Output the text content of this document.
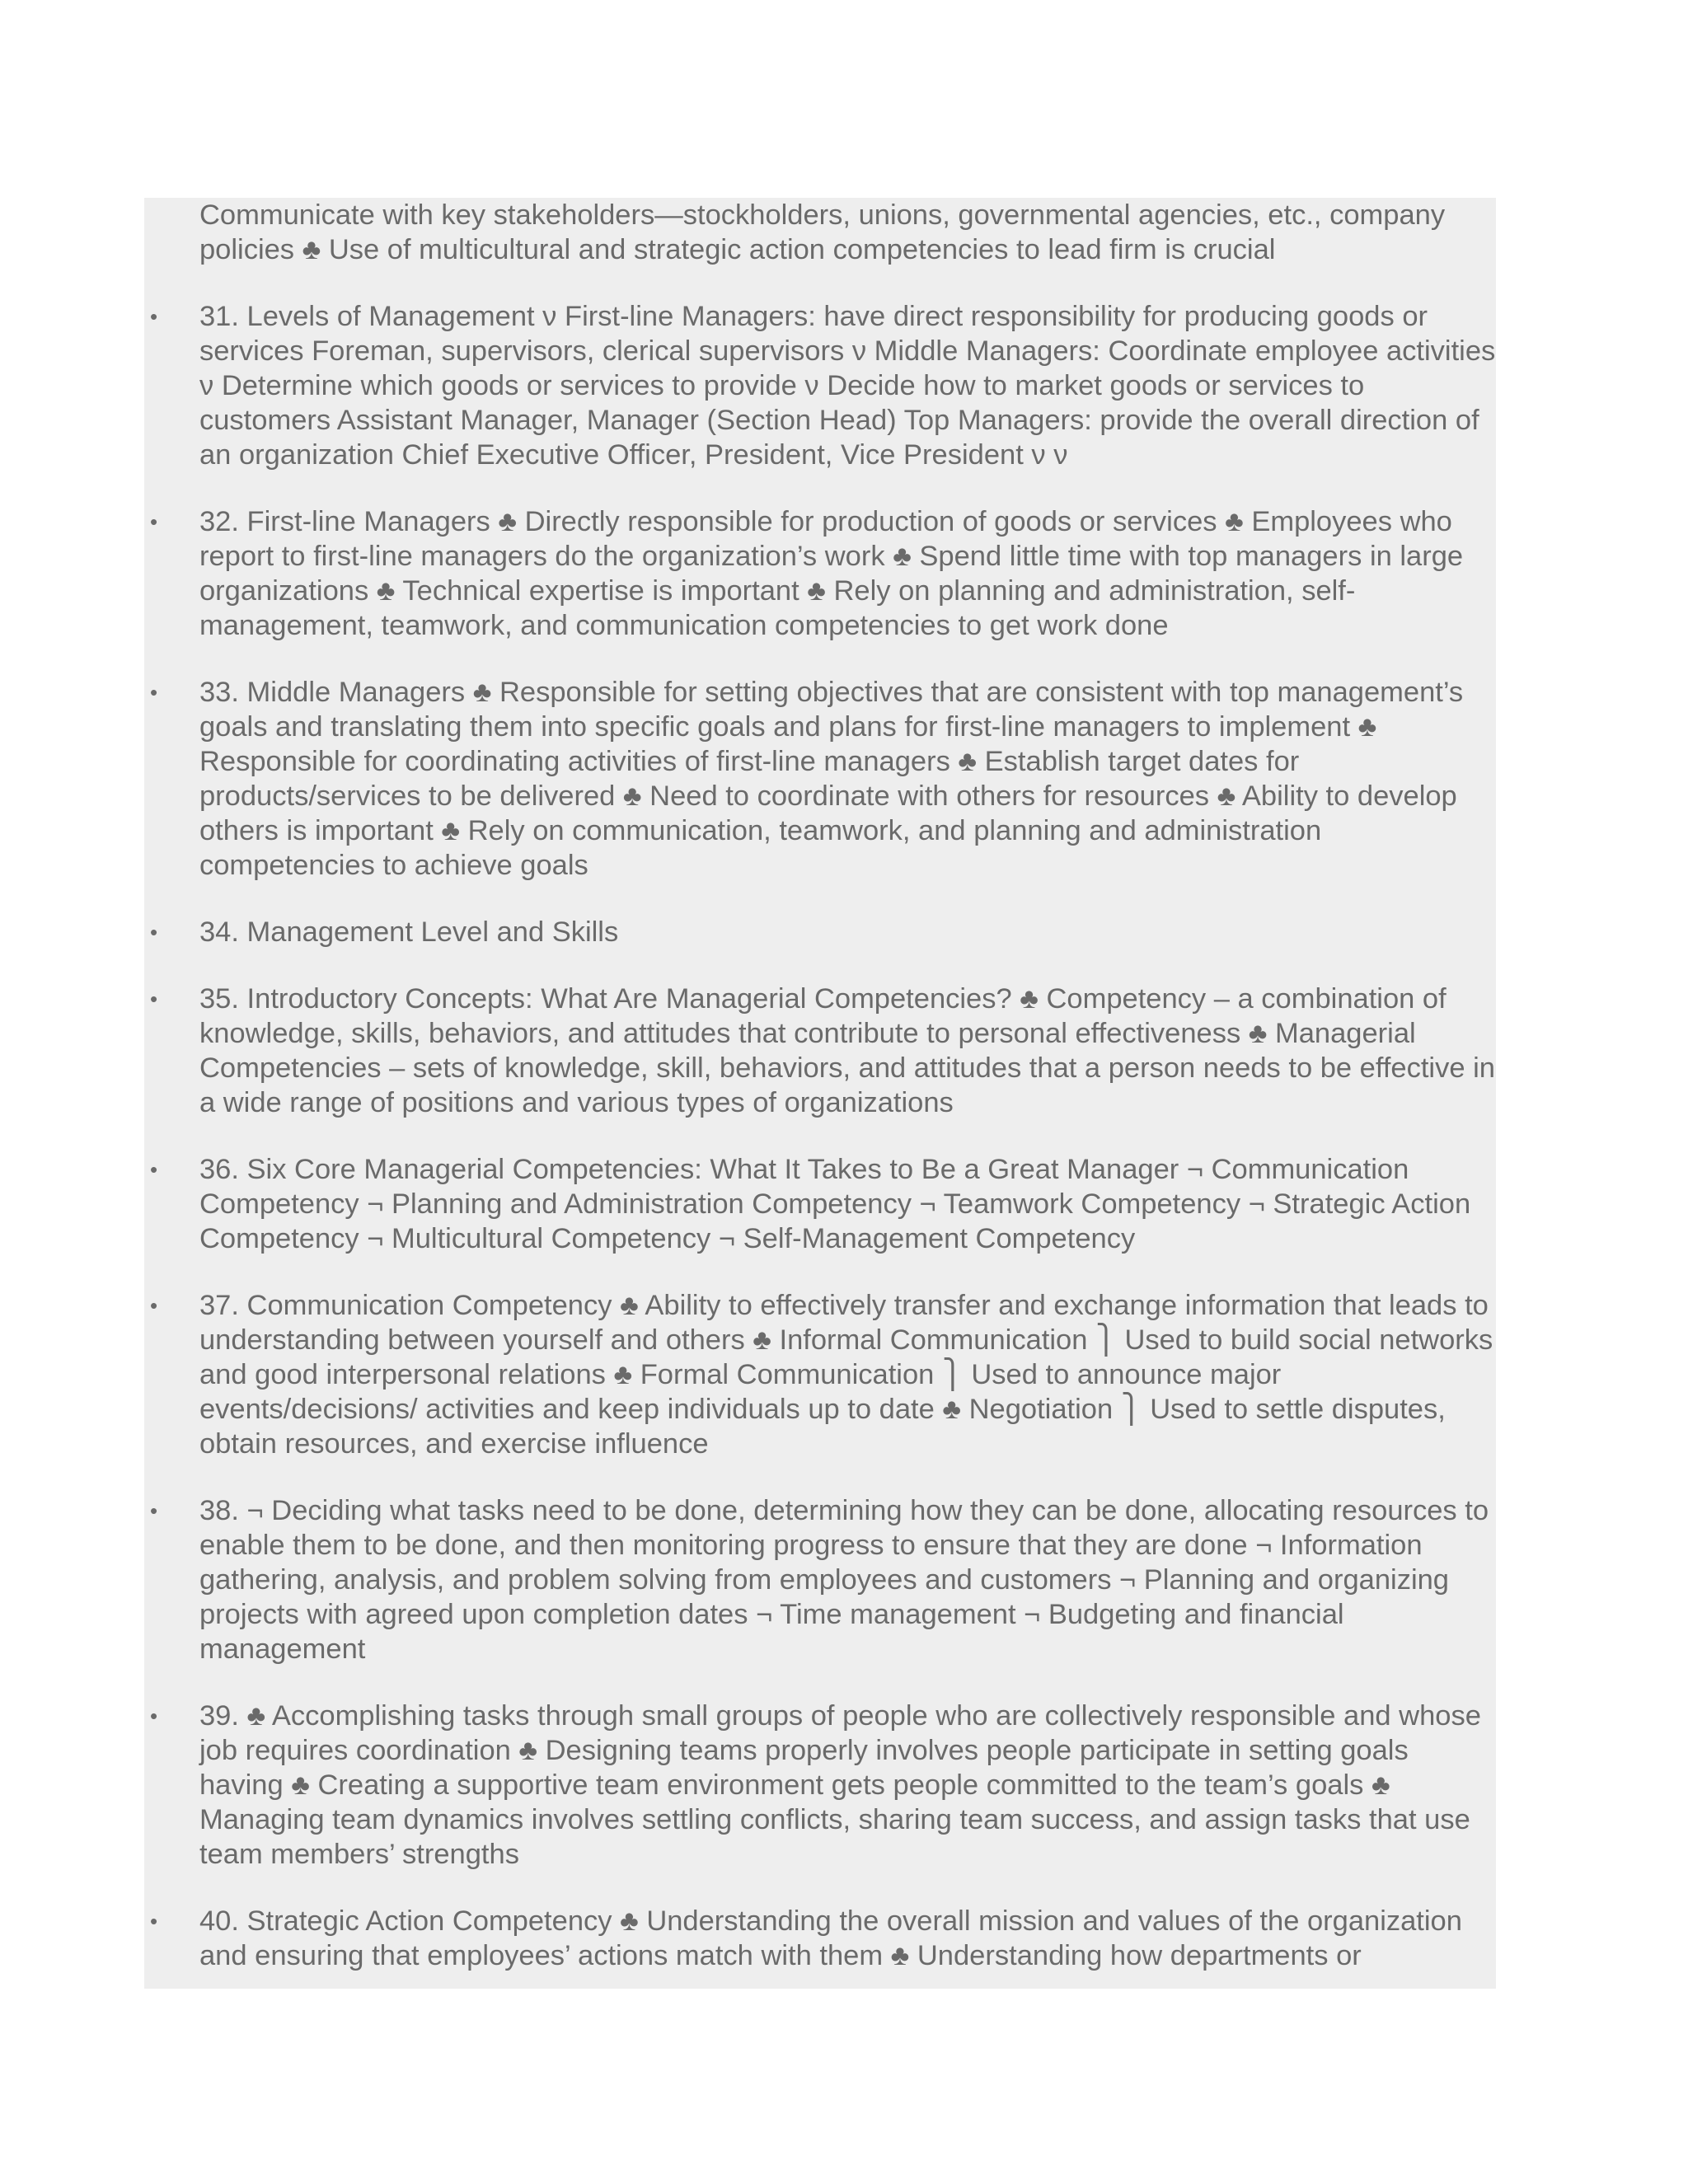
Communicate with key stakeholders—stockholders, unions, governmental agencies, etc., company policies ♣ Use of multicultural and strategic action competencies to lead firm is crucial
• 31. Levels of Management ν First-line Managers: have direct responsibility for producing goods or services Foreman, supervisors, clerical supervisors ν Middle Managers: Coordinate employee activities ν Determine which goods or services to provide ν Decide how to market goods or services to customers Assistant Manager, Manager (Section Head) Top Managers: provide the overall direction of an organization Chief Executive Officer, President, Vice President ν ν
• 32. First-line Managers ♣ Directly responsible for production of goods or services ♣ Employees who report to first-line managers do the organization’s work ♣ Spend little time with top managers in large organizations ♣ Technical expertise is important ♣ Rely on planning and administration, self-management, teamwork, and communication competencies to get work done
• 33. Middle Managers ♣ Responsible for setting objectives that are consistent with top management’s goals and translating them into specific goals and plans for first-line managers to implement ♣ Responsible for coordinating activities of first-line managers ♣ Establish target dates for products/services to be delivered ♣ Need to coordinate with others for resources ♣ Ability to develop others is important ♣ Rely on communication, teamwork, and planning and administration competencies to achieve goals
• 34. Management Level and Skills
• 35. Introductory Concepts: What Are Managerial Competencies? ♣ Competency – a combination of knowledge, skills, behaviors, and attitudes that contribute to personal effectiveness ♣ Managerial Competencies – sets of knowledge, skill, behaviors, and attitudes that a person needs to be effective in a wide range of positions and various types of organizations
• 36. Six Core Managerial Competencies: What It Takes to Be a Great Manager ¬ Communication Competency ¬ Planning and Administration Competency ¬ Teamwork Competency ¬ Strategic Action Competency ¬ Multicultural Competency ¬ Self-Management Competency
• 37. Communication Competency ♣ Ability to effectively transfer and exchange information that leads to understanding between yourself and others ♣ Informal Communication ⎫ Used to build social networks and good interpersonal relations ♣ Formal Communication ⎫ Used to announce major events/decisions/ activities and keep individuals up to date ♣ Negotiation ⎫ Used to settle disputes, obtain resources, and exercise influence
• 38. ¬ Deciding what tasks need to be done, determining how they can be done, allocating resources to enable them to be done, and then monitoring progress to ensure that they are done ¬ Information gathering, analysis, and problem solving from employees and customers ¬ Planning and organizing projects with agreed upon completion dates ¬ Time management ¬ Budgeting and financial management
• 39. ♣ Accomplishing tasks through small groups of people who are collectively responsible and whose job requires coordination ♣ Designing teams properly involves people participate in setting goals having ♣ Creating a supportive team environment gets people committed to the team’s goals ♣ Managing team dynamics involves settling conflicts, sharing team success, and assign tasks that use team members’ strengths
• 40. Strategic Action Competency ♣ Understanding the overall mission and values of the organization and ensuring that employees’ actions match with them ♣ Understanding how departments or
